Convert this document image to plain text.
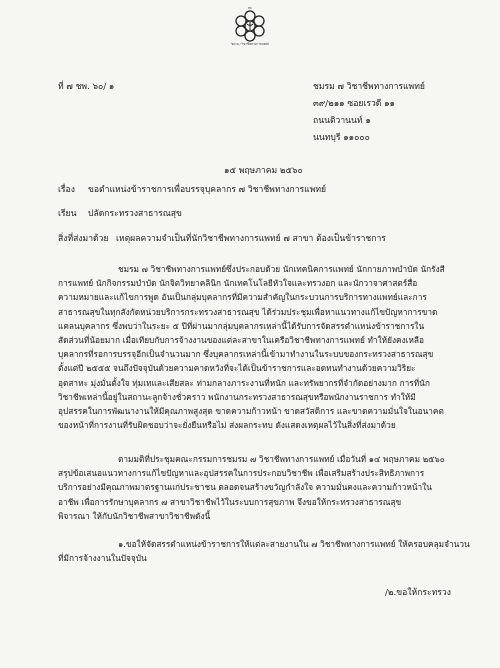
รพ.
ชมรม / วิชาชีพทางการแพทย์
ที่ ๗ ชพ. ๖๐/ ๑	ชมรม ๗ วิชาชีพทางการแพทย์
๓๙/๒๑๑ ซอยเรวดี ๑๑
ถนนติวานนท์ ๑
นนทบุรี ๑๑๐๐๐
๑๕ พฤษภาคม ๒๕๖๐
เรื่อง ขอตำแหน่งข้าราชการเพื่อบรรจุบุคลากร ๗ วิชาชีพทางการแพทย์
เรียน ปลัดกระทรวงสาธารณสุข
สิ่งที่ส่งมาด้วย เหตุผลความจำเป็นที่นักวิชาชีพทางการแพทย์ ๗ สาขา ต้องเป็นข้าราชการ
ชมรม ๗ วิชาชีพทางการแพทย์ซึ่งประกอบด้วย นักเทคนิคการแพทย์ นักกายภาพบำบัด นักรังสี
การแพทย์ นักกิจกรรมบำบัด นักจิตวิทยาคลินิก นักเทคโนโลยีหัวใจและทรวงอก และนักวาจาศาสตร์สื่อ
ความหมายและแก้ไขการพูด อันเป็นกลุ่มบุคลากรที่มีความสำคัญในกระบวนการบริการทางแพทย์และการ
สาธารณสุขในทุกสังกัดหน่วยบริการกระทรวงสาธารณสุข ได้ร่วมประชุมเพื่อหาแนวทางแก้ไขปัญหาการขาด
แคลนบุคลากร ซึ่งพบว่าในระยะ ๕ ปีที่ผ่านมากลุ่มบุคลากรเหล่านี้ได้รับการจัดสรรตำแหน่งข้าราชการใน
สัดส่วนที่น้อยมาก เมื่อเทียบกับการจ้างงานของแต่ละสาขาในเครือวิชาชีพทางการแพทย์ ทำให้ยังคงเหลือ
บุคลากรที่รอการบรรจุอีกเป็นจำนวนมาก ซึ่งบุคลากรเหล่านี้เข้ามาทำงานในระบบของกระทรวงสาธารณสุข
ตั้งแต่ปี ๒๕๕๕ จนถึงปัจจุบันด้วยความคาดหวังที่จะได้เป็นข้าราชการและอดทนทำงานด้วยความวิริยะ
อุตสาหะ มุ่งมั่นตั้งใจ ทุ่มเทและเสียสละ ท่ามกลางภาระงานที่หนัก และทรัพยากรที่จำกัดอย่างมาก การที่นัก
วิชาชีพเหล่านี้อยู่ในสถานะลูกจ้างชั่วคราว พนักงานกระทรวงสาธารณสุขหรือพนักงานราชการ ทำให้มี
อุปสรรคในการพัฒนางานให้มีคุณภาพสูงสุด ขาดความก้าวหน้า ขาดสวัสดิการ และขาดความมั่นใจในอนาคต
ของหน้าที่การงานที่รับผิดชอบว่าจะยั่งยืนหรือไม่ ส่งผลกระทบ ดังแสดงเหตุผลไว้ในสิ่งที่ส่งมาด้วย
ตามมติที่ประชุมคณะกรรมการชมรม ๗ วิชาชีพทางการแพทย์ เมื่อวันที่ ๑๔ พฤษภาคม ๒๕๖๐
สรุปข้อเสนอแนวทางการแก้ไขปัญหาและอุปสรรคในการประกอบวิชาชีพ เพื่อเสริมสร้างประสิทธิภาพการ
บริการอย่างมีคุณภาพมาตรฐานแก่ประชาชน ตลอดจนสร้างขวัญกำลังใจ ความมั่นคงและความก้าวหน้าใน
อาชีพ เพื่อการรักษาบุคลากร ๗ สาขาวิชาชีพไว้ในระบบการสุขภาพ จึงขอให้กระทรวงสาธารณสุข
พิจารณา ให้กับนักวิชาชีพสาขาวิชาชีพดังนี้
๑.ขอให้จัดสรรตำแหน่งข้าราชการให้แต่ละสายงานใน ๗ วิชาชีพทางการแพทย์ ให้ครอบคลุมจำนวน
ที่มีการจ้างงานในปัจจุบัน
/๒.ขอให้กระทรวง
